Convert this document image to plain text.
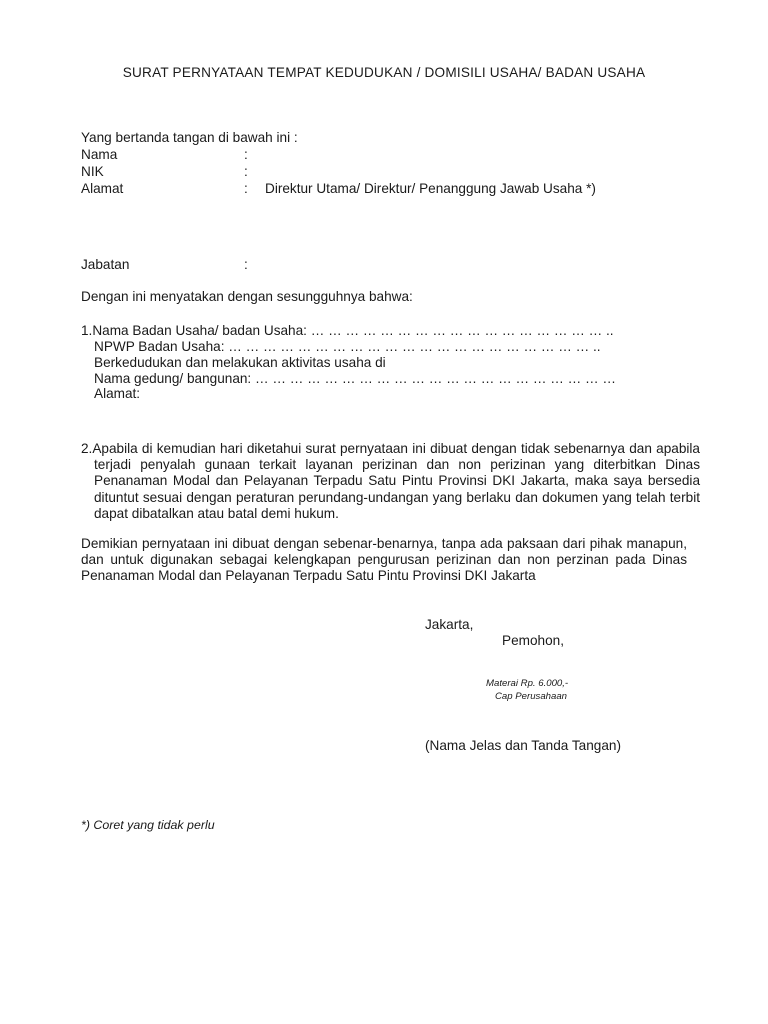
SURAT PERNYATAAN TEMPAT KEDUDUKAN / DOMISILI USAHA/ BADAN USAHA
Yang bertanda tangan di bawah ini :
Nama	:
NIK	:
Alamat	: Direktur Utama/ Direktur/ Penanggung Jawab Usaha *)
Jabatan	:
Dengan ini menyatakan dengan sesungguhnya bahwa:
1.Nama Badan Usaha/ badan Usaha: … … … … … … … … … … … … … … … … … ..
NPWP Badan Usaha: … … … … … … … … … … … … … … … … … … … … … ..
Berkedudukan dan melakukan aktivitas usaha di
Nama gedung/ bangunan: … … … … … … … … … … … … … … … … … … … … …
Alamat:
2.Apabila di kemudian hari diketahui surat pernyataan ini dibuat dengan tidak sebenarnya dan apabila terjadi penyalah gunaan terkait layanan perizinan dan non perizinan yang diterbitkan Dinas Penanaman Modal dan Pelayanan Terpadu Satu Pintu Provinsi DKI Jakarta, maka saya bersedia dituntut sesuai dengan peraturan perundang-undangan yang berlaku dan dokumen yang telah terbit dapat dibatalkan atau batal demi hukum.
Demikian pernyataan ini dibuat dengan sebenar-benarnya, tanpa ada paksaan dari pihak manapun, dan untuk digunakan sebagai kelengkapan pengurusan perizinan dan non perzinan pada Dinas Penanaman Modal dan Pelayanan Terpadu Satu Pintu Provinsi DKI Jakarta
Jakarta,
Pemohon,
Materai Rp. 6.000,-
Cap Perusahaan
(Nama Jelas dan Tanda Tangan)
*) Coret yang tidak perlu
